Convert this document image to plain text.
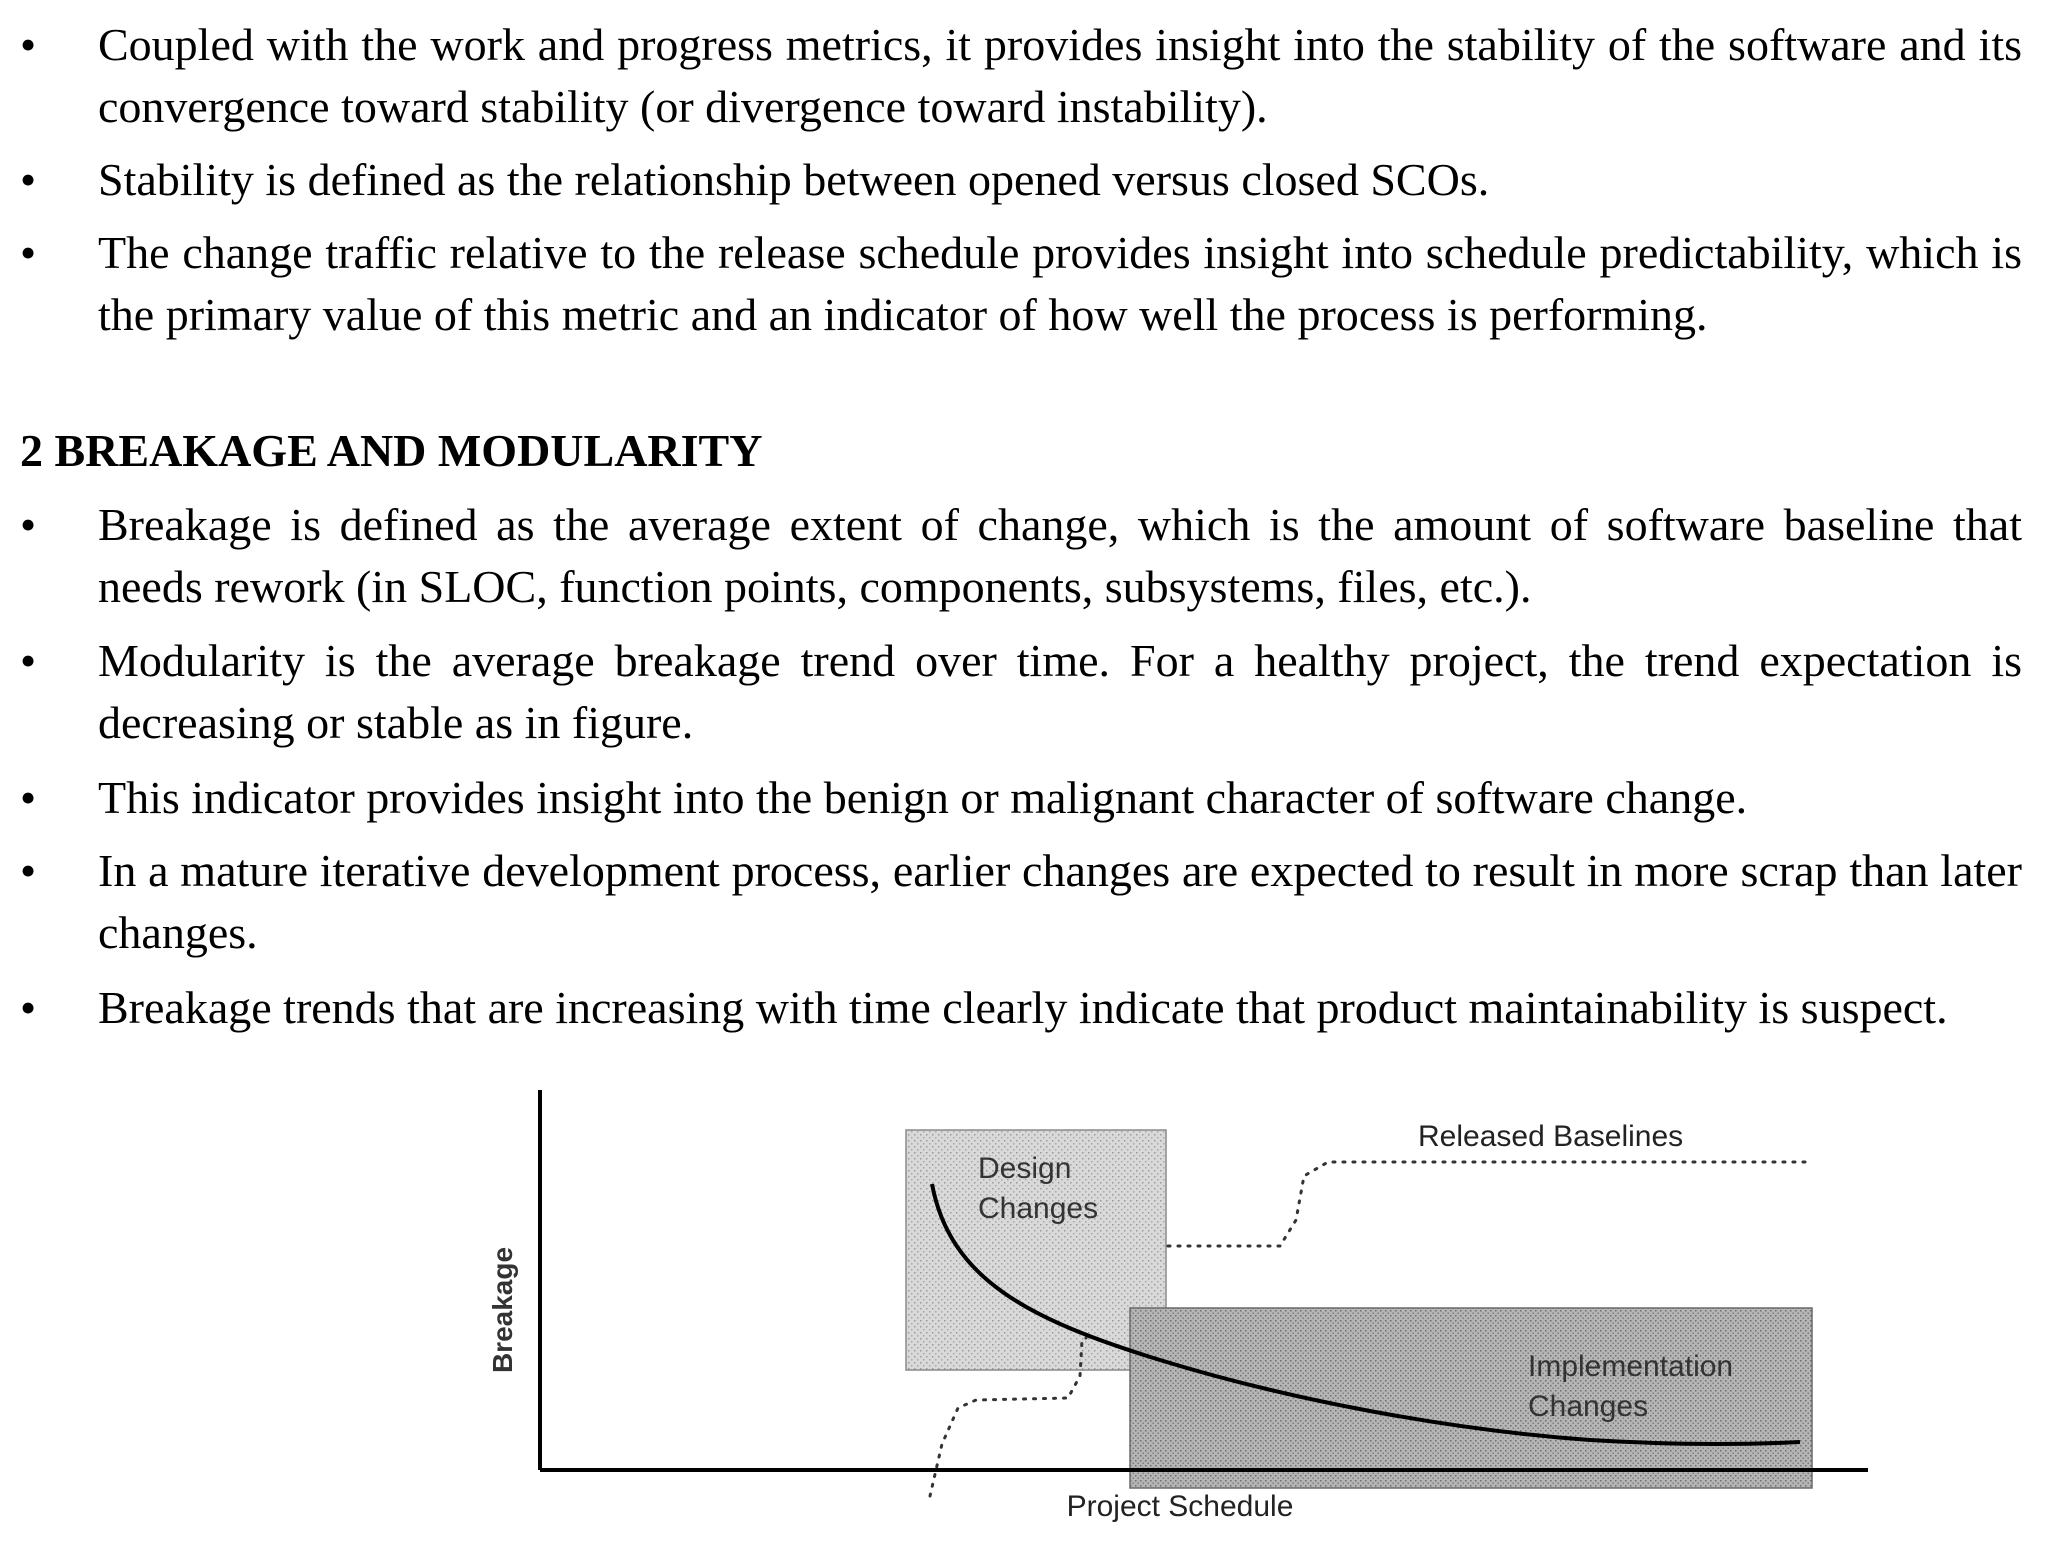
• Coupled with the work and progress metrics, it provides insight into the stability of the software and its convergence toward stability (or divergence toward instability).

• Stability is defined as the relationship between opened versus closed SCOs.

• The change traffic relative to the release schedule provides insight into schedule predictability, which is the primary value of this metric and an indicator of how well the process is performing.

2 BREAKAGE AND MODULARITY
• Breakage is defined as the average extent of change, which is the amount of software baseline that needs rework (in SLOC, function points, components, subsystems, files, etc.).

• Modularity is the average breakage trend over time. For a healthy project, the trend expectation is decreasing or stable as in figure.

• This indicator provides insight into the benign or malignant character of software change.

• In a mature iterative development process, earlier changes are expected to result in more scrap than later changes.

• Breakage trends that are increasing with time clearly indicate that product maintainability is suspect.

Breakage
Project Schedule
Design
Changes
Implementation
Changes
Released Baselines
